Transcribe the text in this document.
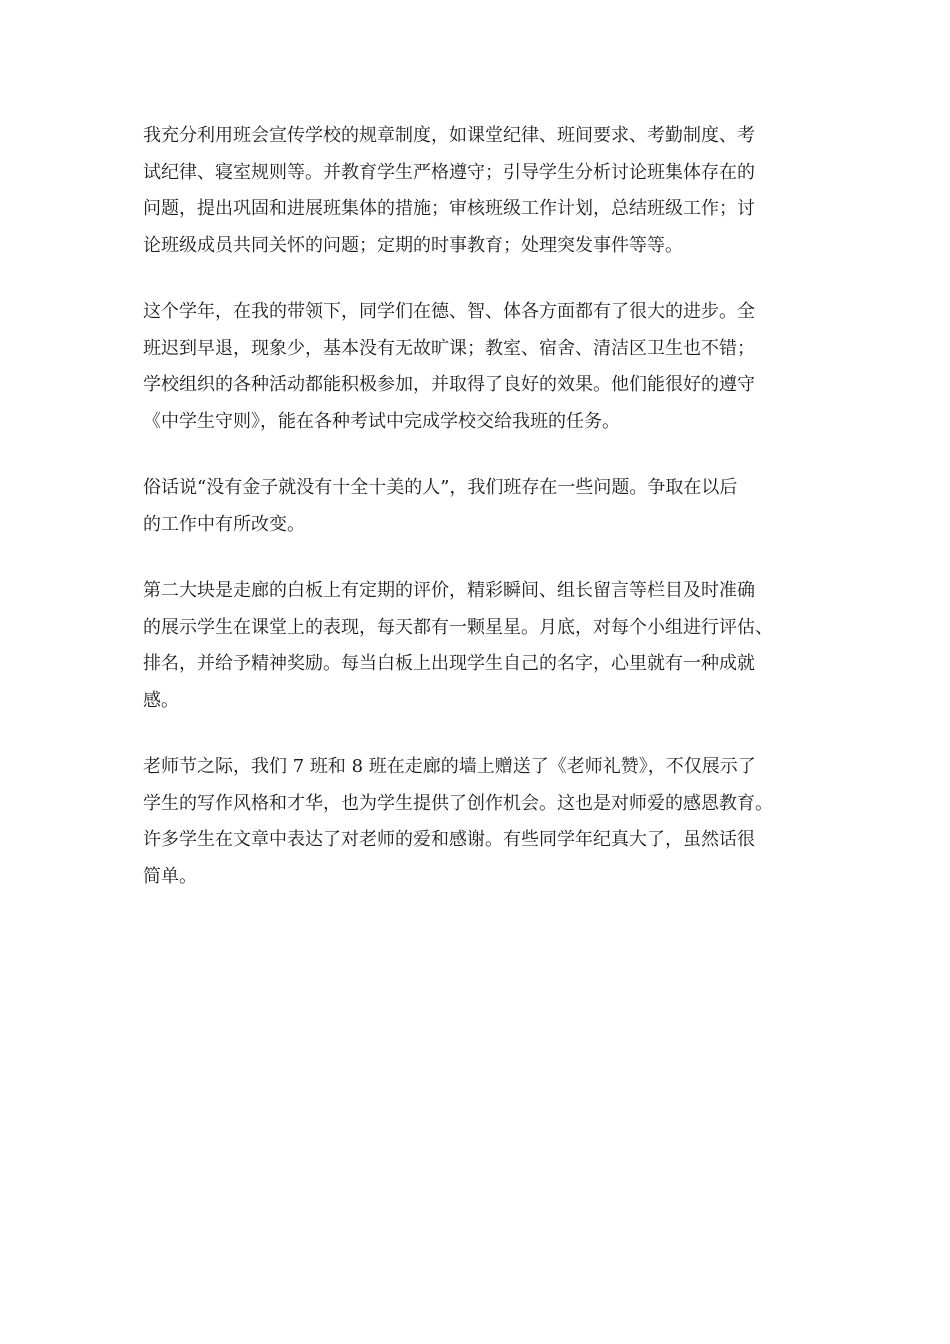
我充分利用班会宣传学校的规章制度，如课堂纪律、班间要求、考勤制度、考
试纪律、寝室规则等。并教育学生严格遵守；引导学生分析讨论班集体存在的
问题，提出巩固和进展班集体的措施；审核班级工作计划，总结班级工作；讨
论班级成员共同关怀的问题；定期的时事教育；处理突发事件等等。

这个学年，在我的带领下，同学们在德、智、体各方面都有了很大的进步。全
班迟到早退，现象少，基本没有无故旷课；教室、宿舍、清洁区卫生也不错；
学校组织的各种活动都能积极参加，并取得了良好的效果。他们能很好的遵守
《中学生守则》，能在各种考试中完成学校交给我班的任务。

俗话说“没有金子就没有十全十美的人”，我们班存在一些问题。争取在以后
的工作中有所改变。

第二大块是走廊的白板上有定期的评价，精彩瞬间、组长留言等栏目及时准确
的展示学生在课堂上的表现，每天都有一颗星星。月底，对每个小组进行评估、
排名，并给予精神奖励。每当白板上出现学生自己的名字，心里就有一种成就
感。

老师节之际，我们 7 班和 8 班在走廊的墙上赠送了《老师礼赞》，不仅展示了
学生的写作风格和才华，也为学生提供了创作机会。这也是对师爱的感恩教育。
许多学生在文章中表达了对老师的爱和感谢。有些同学年纪真大了，虽然话很
简单。
